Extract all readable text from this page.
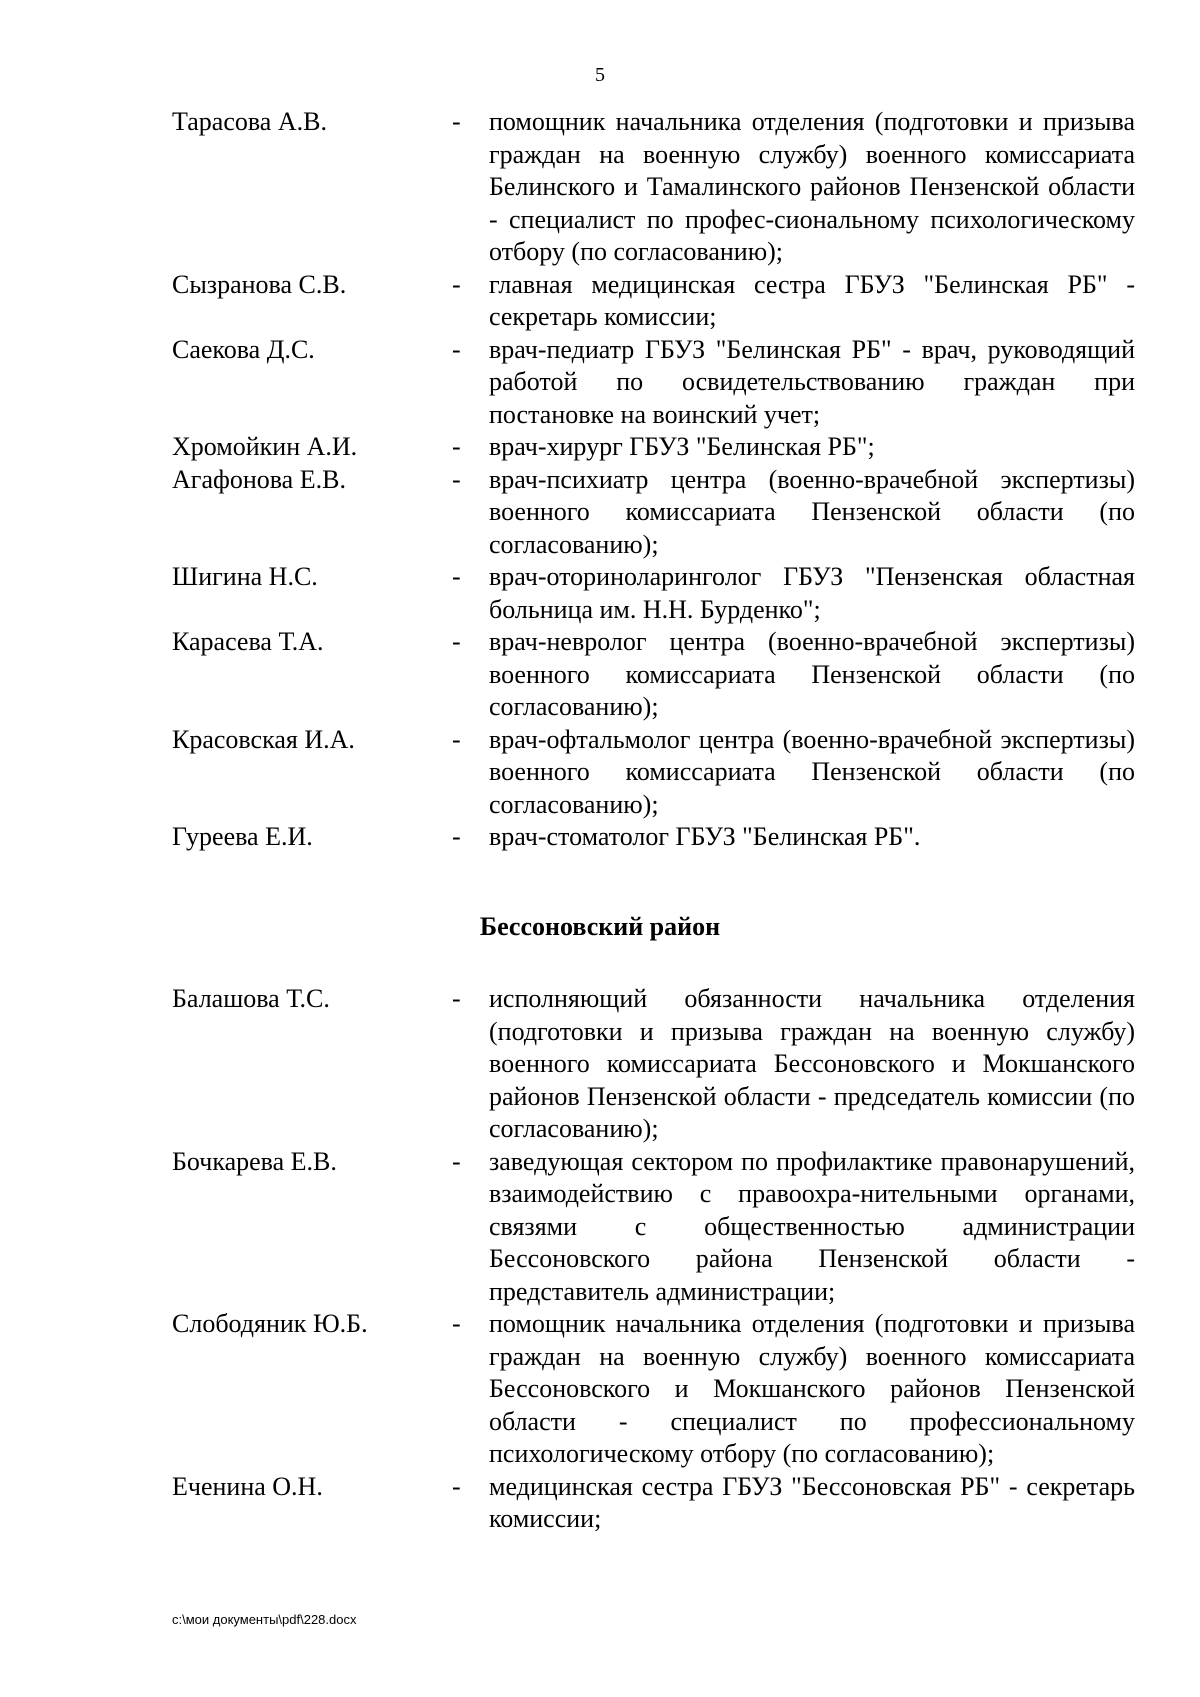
5
Тарасова А.В.	- помощник начальника отделения (подготовки и призыва граждан на военную службу) военного комиссариата Белинского и Тамалинского районов Пензенской области - специалист по профес-сиональному психологическому отбору (по согласованию);
Сызранова С.В.	- главная медицинская сестра ГБУЗ "Белинская РБ" - секретарь комиссии;
Саекова Д.С.	- врач-педиатр ГБУЗ "Белинская РБ" - врач, руководящий работой по освидетельствованию граждан при постановке на воинский учет;
Хромойкин А.И.	- врач-хирург ГБУЗ "Белинская РБ";
Агафонова Е.В.	- врач-психиатр центра (военно-врачебной экспертизы) военного комиссариата Пензенской области (по согласованию);
Шигина Н.С.	- врач-оториноларинголог ГБУЗ "Пензенская областная больница им. Н.Н. Бурденко";
Карасева Т.А.	- врач-невролог центра (военно-врачебной экспертизы) военного комиссариата Пензенской области (по согласованию);
Красовская И.А.	- врач-офтальмолог центра (военно-врачебной экспертизы) военного комиссариата Пензенской области (по согласованию);
Гуреева Е.И.	- врач-стоматолог ГБУЗ "Белинская РБ".
Бессоновский район
Балашова Т.С.	- исполняющий обязанности начальника отделения (подготовки и призыва граждан на военную службу) военного комиссариата Бессоновского и Мокшанского районов Пензенской области - председатель комиссии (по согласованию);
Бочкарева Е.В.	- заведующая сектором по профилактике правонарушений, взаимодействию с правоохра-нительными органами, связями с общественностью администрации Бессоновского района Пензенской области - представитель администрации;
Слободяник Ю.Б.	- помощник начальника отделения (подготовки и призыва граждан на военную службу) военного комиссариата Бессоновского и Мокшанского районов Пензенской области - специалист по профессиональному психологическому отбору (по согласованию);
Еченина О.Н.	- медицинская сестра ГБУЗ "Бессоновская РБ" - секретарь комиссии;
c:\мои документы\pdf\228.docx
